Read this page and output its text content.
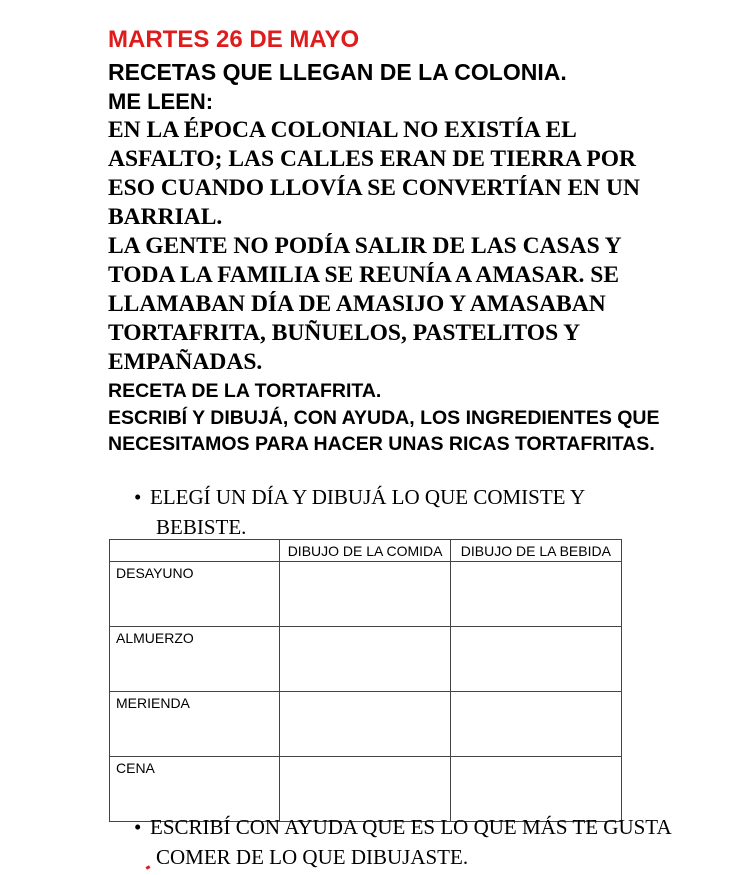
MARTES 26 DE MAYO
RECETAS QUE LLEGAN DE LA COLONIA.
ME LEEN:

EN LA ÉPOCA COLONIAL NO EXISTÍA EL ASFALTO; LAS CALLES ERAN DE TIERRA POR ESO CUANDO LLOVÍA SE CONVERTÍAN EN UN BARRIAL.

LA GENTE NO PODÍA SALIR DE LAS CASAS Y TODA LA FAMILIA SE REUNÍA A AMASAR. SE LLAMABAN DÍA DE AMASIJO Y AMASABAN TORTAFRITA, BUÑUELOS, PASTELITOS Y EMPAÑADAS.

RECETA DE LA TORTAFRITA.

ESCRIBÍ Y DIBUJÁ, CON AYUDA, LOS INGREDIENTES QUE NECESITAMOS PARA HACER UNAS RICAS TORTAFRITAS.

• ELEGÍ UN DÍA Y DIBUJÁ LO QUE COMISTE Y BEBISTE.
	DIBUJO DE LA COMIDA	DIBUJO DE LA BEBIDA
DESAYUNO		
ALMUERZO		
MERIENDA		
CENA		
• ESCRIBÍ CON AYUDA QUE ES LO QUE MÁS TE GUSTA COMER DE LO QUE DIBUJASTE.
